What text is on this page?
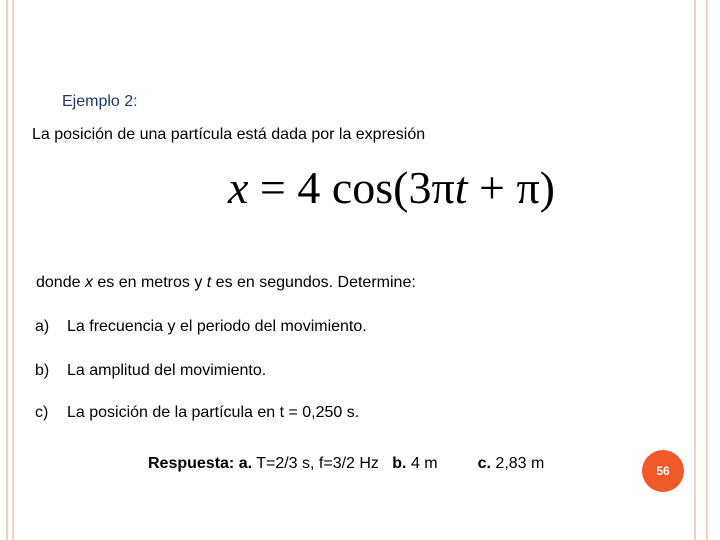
Ejemplo 2:
La posición de una partícula está dada por la expresión
x = 4 cos(3πt + π)
donde x es en metros y t es en segundos. Determine:
a) La frecuencia y el periodo del movimiento.
b) La amplitud del movimiento.
c) La posición de la partícula en t = 0,250 s.
Respuesta: a. T=2/3 s, f=3/2 Hz b. 4 m	c. 2,83 m	56
